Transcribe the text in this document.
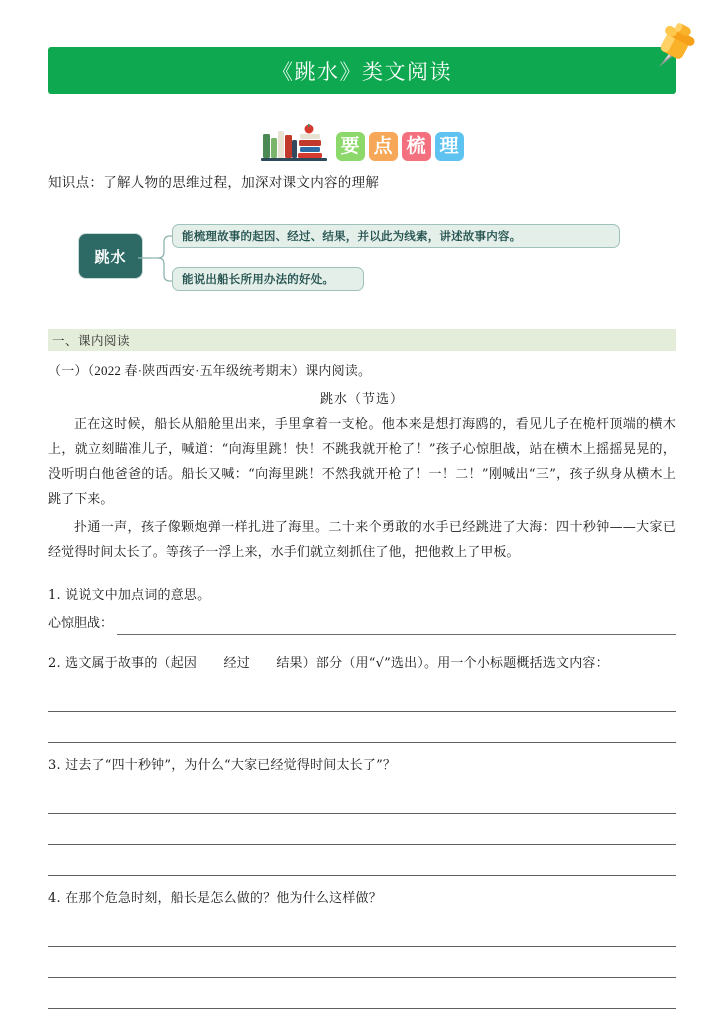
《跳水》类文阅读
要 点 梳 理
知识点：了解人物的思维过程，加深对课文内容的理解
跳水
能梳理故事的起因、经过、结果，并以此为线索，讲述故事内容。
能说出船长所用办法的好处。
一、课内阅读
（一）（2022 春·陕西西安·五年级统考期末）课内阅读。
跳水（节选）

正在这时候，船长从船舱里出来，手里拿着一支枪。他本来是想打海鸥的，看见儿子在桅杆顶端的横木上，就立刻瞄准儿子，喊道：“向海里跳！快！不跳我就开枪了！”孩子心惊胆战，站在横木上摇摇晃晃的，没听明白他爸爸的话。船长又喊：“向海里跳！不然我就开枪了！一！二！”刚喊出“三”，孩子纵身从横木上跳了下来。

扑通一声，孩子像颗炮弹一样扎进了海里。二十来个勇敢的水手已经跳进了大海：四十秒钟——大家已经觉得时间太长了。等孩子一浮上来，水手们就立刻抓住了他，把他救上了甲板。

1. 说说文中加点词的意思。
心惊胆战：
2. 选文属于故事的（起因　　经过　　结果）部分（用“√”选出）。用一个小标题概括选文内容：
3. 过去了“四十秒钟”，为什么“大家已经觉得时间太长了”？
4. 在那个危急时刻，船长是怎么做的？他为什么这样做？
